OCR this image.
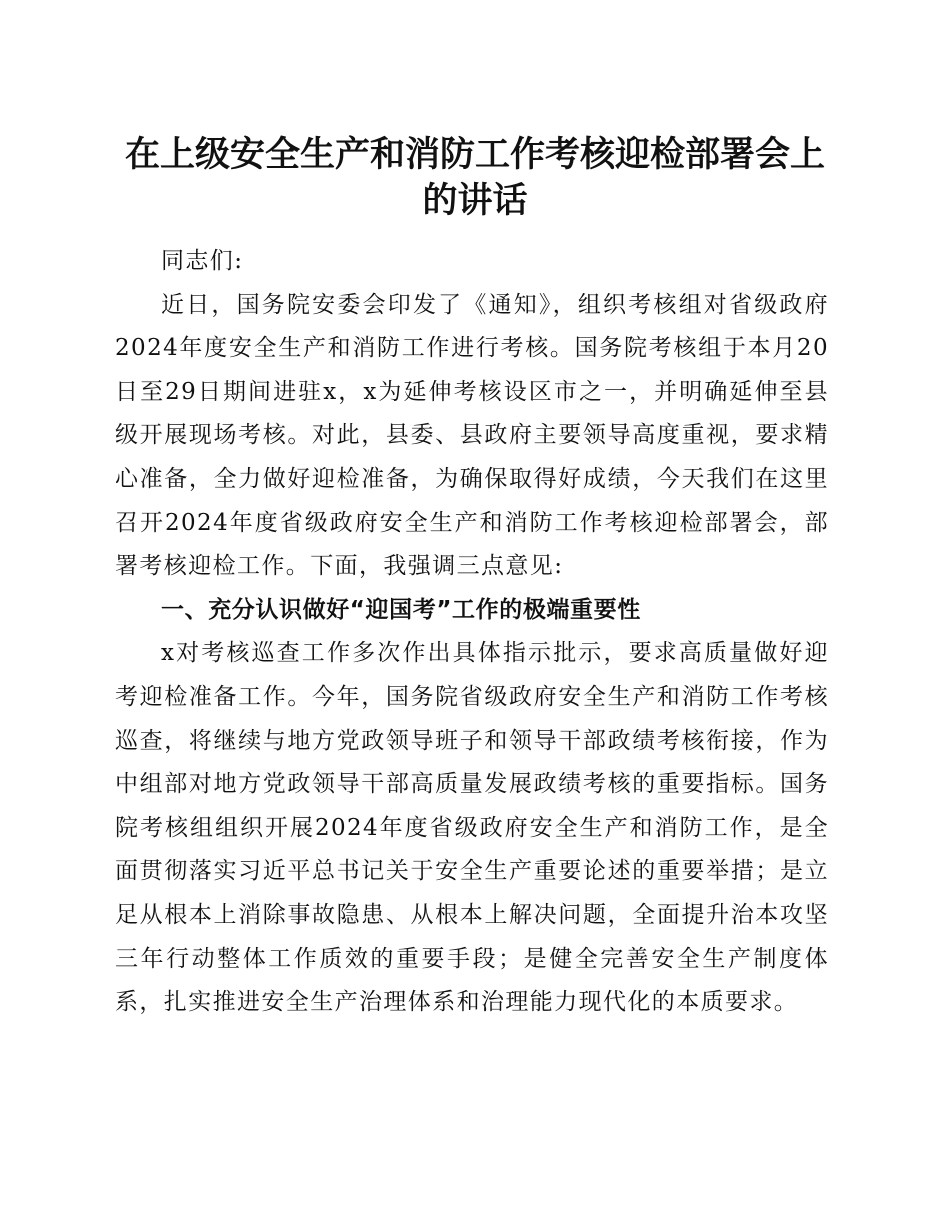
在上级安全生产和消防工作考核迎检部署会上的讲话

同志们:

近日，国务院安委会印发了《通知》，组织考核组对省级政府2024年度安全生产和消防工作进行考核。国务院考核组于本月20日至29日期间进驻x，x为延伸考核设区市之一，并明确延伸至县级开展现场考核。对此，县委、县政府主要领导高度重视，要求精心准备，全力做好迎检准备，为确保取得好成绩，今天我们在这里召开2024年度省级政府安全生产和消防工作考核迎检部署会，部署考核迎检工作。下面，我强调三点意见:

一、充分认识做好“迎国考”工作的极端重要性

x对考核巡查工作多次作出具体指示批示，要求高质量做好迎考迎检准备工作。今年，国务院省级政府安全生产和消防工作考核巡查，将继续与地方党政领导班子和领导干部政绩考核衔接，作为中组部对地方党政领导干部高质量发展政绩考核的重要指标。国务院考核组组织开展2024年度省级政府安全生产和消防工作，是全面贯彻落实习近平总书记关于安全生产重要论述的重要举措；是立足从根本上消除事故隐患、从根本上解决问题，全面提升治本攻坚三年行动整体工作质效的重要手段；是健全完善安全生产制度体系，扎实推进安全生产治理体系和治理能力现代化的本质要求。
